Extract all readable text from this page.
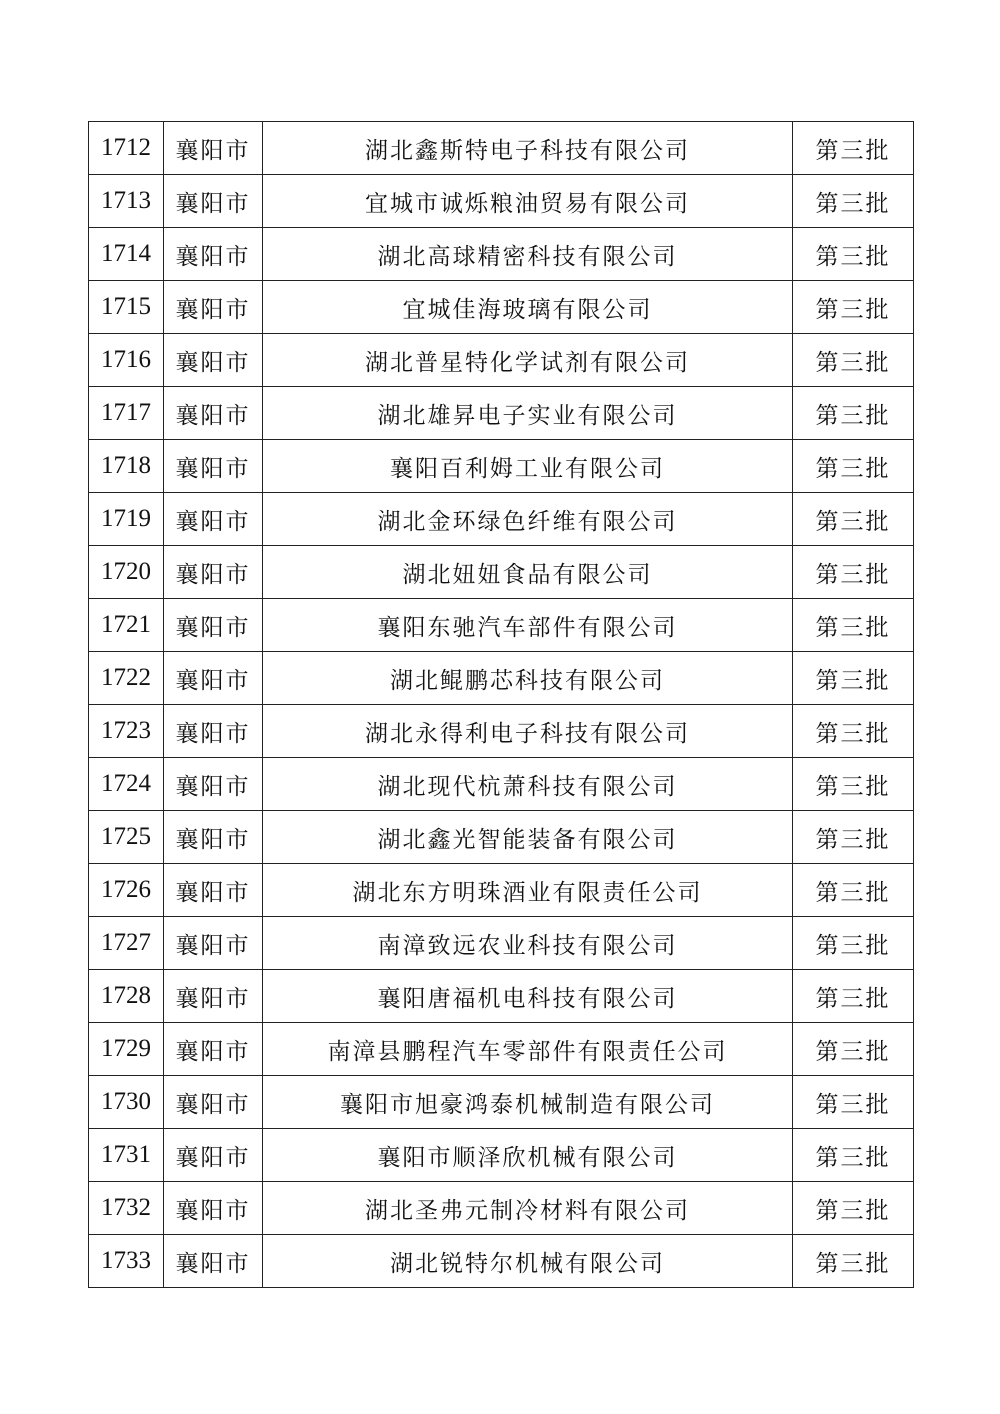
1712	襄阳市	湖北鑫斯特电子科技有限公司	第三批
1713	襄阳市	宜城市诚烁粮油贸易有限公司	第三批
1714	襄阳市	湖北高球精密科技有限公司	第三批
1715	襄阳市	宜城佳海玻璃有限公司	第三批
1716	襄阳市	湖北普星特化学试剂有限公司	第三批
1717	襄阳市	湖北雄昇电子实业有限公司	第三批
1718	襄阳市	襄阳百利姆工业有限公司	第三批
1719	襄阳市	湖北金环绿色纤维有限公司	第三批
1720	襄阳市	湖北妞妞食品有限公司	第三批
1721	襄阳市	襄阳东驰汽车部件有限公司	第三批
1722	襄阳市	湖北鲲鹏芯科技有限公司	第三批
1723	襄阳市	湖北永得利电子科技有限公司	第三批
1724	襄阳市	湖北现代杭萧科技有限公司	第三批
1725	襄阳市	湖北鑫光智能装备有限公司	第三批
1726	襄阳市	湖北东方明珠酒业有限责任公司	第三批
1727	襄阳市	南漳致远农业科技有限公司	第三批
1728	襄阳市	襄阳唐福机电科技有限公司	第三批
1729	襄阳市	南漳县鹏程汽车零部件有限责任公司	第三批
1730	襄阳市	襄阳市旭豪鸿泰机械制造有限公司	第三批
1731	襄阳市	襄阳市顺泽欣机械有限公司	第三批
1732	襄阳市	湖北圣弗元制冷材料有限公司	第三批
1733	襄阳市	湖北锐特尔机械有限公司	第三批
